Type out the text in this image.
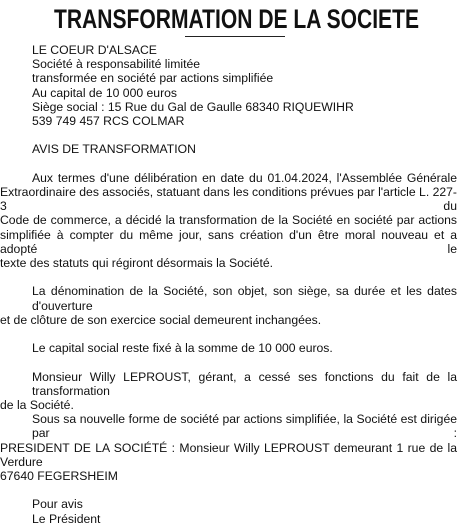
TRANSFORMATION DE LA SOCIETE
LE COEUR D'ALSACE
Société à responsabilité limitée
transformée en société par actions simplifiée
Au capital de 10 000 euros
Siège social : 15 Rue du Gal de Gaulle 68340 RIQUEWIHR
539 749 457 RCS COLMAR
AVIS DE TRANSFORMATION
Aux termes d'une délibération en date du 01.04.2024, l'Assemblée Générale
Extraordinaire des associés, statuant dans les conditions prévues par l'article L. 227-3 du
Code de commerce, a décidé la transformation de la Société en société par actions
simplifiée à compter du même jour, sans création d'un être moral nouveau et a adopté le
texte des statuts qui régiront désormais la Société.
La dénomination de la Société, son objet, son siège, sa durée et les dates d'ouverture
et de clôture de son exercice social demeurent inchangées.
Le capital social reste fixé à la somme de 10 000 euros.
Monsieur Willy LEPROUST, gérant, a cessé ses fonctions du fait de la transformation
de la Société.
Sous sa nouvelle forme de société par actions simplifiée, la Société est dirigée par :
PRESIDENT DE LA SOCIÉTÉ : Monsieur Willy LEPROUST demeurant 1 rue de la Verdure
67640 FEGERSHEIM
Pour avis
Le Président
